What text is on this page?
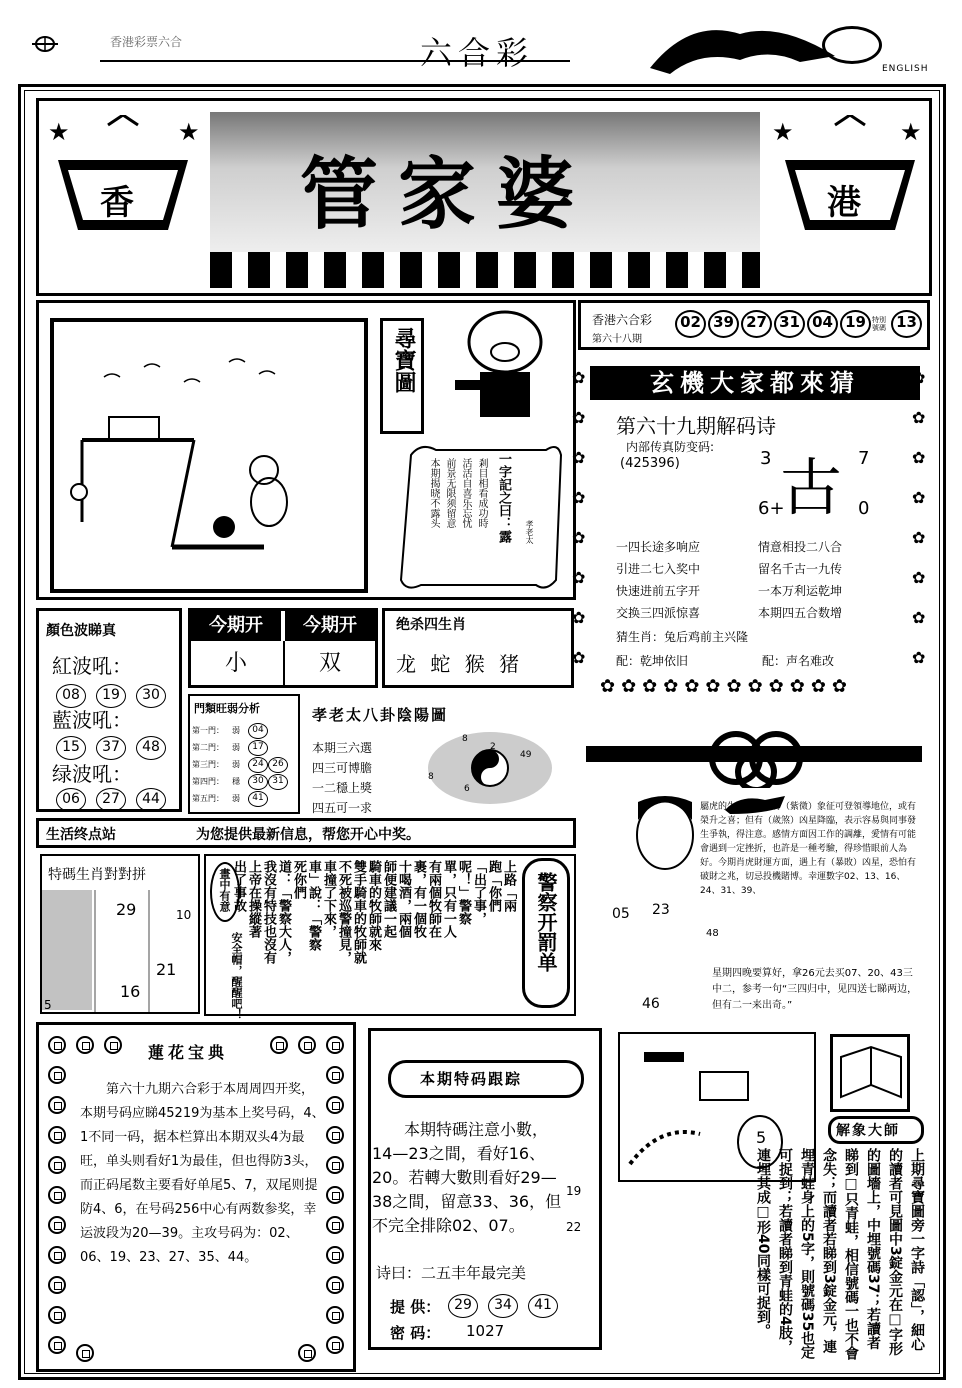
香港彩票六合	六合彩	ENGLISH
香
★	★
港
★	★
管家婆
尋寶圖
一字記之曰：露
剎目相看成功時
活活自喜乐忘忧
前景无限须留意
本期揭晓不露头
孝老太
香港六合彩
第六十八期
02 39 27 31 04 19 特別號碼 13
玄機大家都來猜
✿
✿
✿
✿
✿
✿
✿
✿
✿
✿
✿
✿
✿
✿
✿
✿
✿✿✿✿✿✿✿✿✿✿✿✿
第六十九期解码诗
内部传真防变码:
(425396)	3	7
6+	0
古
一四长途多响应
引进二七入奖中
快速进前五字开
交换三四派惊喜
情意相投二八合
留名千古一九传
一本万利运乾坤
本期四五合数增
猜生肖：兔后鸡前主兴隆
配：乾坤依旧	配：声名难改
顏色波睇真
紅波吼：
08	19	30
藍波吼：
15	37	48
绿波吼：
06	27	44
今期开	今期开
小	双
绝杀四生肖
龙 蛇 猴 猪
門類旺弱分析
第一門： 弱	04
第二門： 弱	17
第三門： 弱	24 26
第四門： 穩	30 31
第五門： 弱	41
孝老太八卦陰陽圖
本期三六選
四三可博膽
一二穩上獎
四五可一求
8
2
49
8
6
屬虎的生肖：近期有（紫微）象征可登領導地位，或有榮升之喜；但有（歲煞）凶星降臨，表示容易與同事發生爭執，得注意。感情方面因工作的調離，愛情有可能會遇到一定挫折，也許是一種考驗，得珍惜眼前人為好。今期肖虎財運方面，遇上有（暴敗）凶星，恐怕有破財之兆，切忌投機賭博。幸運數字02、13、16、24、31、39、
48
05 23
46
星期四晚要算好，拿26元去买07、20、43三中二，参考一句“三四归中，见四送七睇两边，但有二一来出奇。”
生活终点站	为您提供最新信息，帮您开心中奖。
特碼生肖對對拼
29	10
21
16
5
畫中有意
安全帽，醒醒吧！
上路「兩
跑「你們
「出了事，
呢！」警察
單，只有一人
有兩個牧師在
裹，有一個牧
十喝酒，兩個
師便建議一起
騎車的牧師就來
雙手騎車的牧師就
不死被巡警撞見，
車撞了下來，
車」說：「警察
死你們
道：「警察大人，
我沒有特技也沒有
上帝在操縱著
出了事故	警察开罰单
蓮花宝典
第六十九期六合彩于本周周四开奖，本期号码应睇45219为基本上奖号码，4、1不同一码，据本栏算出本期双头4为最旺，单头则看好1为最佳，但也得防3头，而正码尾数主要看好单尾5、7，双尾则提防4、6，在号码256中心有两数参奖，幸运波段为20—39。主攻号码为：02、06、19、23、27、35、44。
本期特码跟踪
本期特碼注意小數，14—23之間，看好16、20。若轉大數則看好29—38之間，留意33、36，但不完全排除02、07。
19
22
诗曰：二五丰年最完美
提 供： 29	34	41
密 码： 1027
5	解象大師
上期尋寶圖旁一字詩「認」，細心的讀者可見圖中3錠金元在□字形的圖墻上，中埋號碼37；若讀者睇到□只青蛙，相信號碼一也不會念失；而讀者若睇到3錠金元，連埋青蛙身上的5字，則號碼35也定可捉到；若讀者睇到青蛙的4肢，連埋其成□形40同樣可捉到。
